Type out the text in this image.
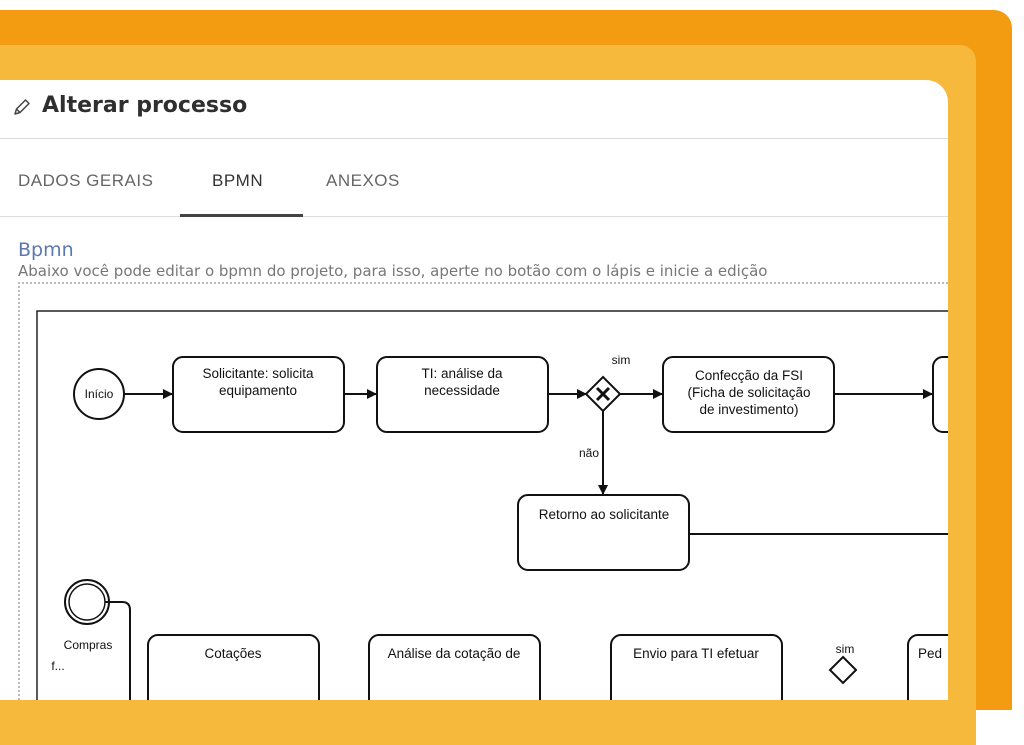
Alterar processo
DADOS GERAIS	BPMN	ANEXOS
Bpmn
Abaixo você pode editar o bpmn do projeto, para isso, aperte no botão com o lápis e inicie a edição
Início
Solicitante: solicita
equipamento
TI: análise da
necessidade
sim
não
Confecção da FSI
(Ficha de solicitação
de investimento)
Retorno ao solicitante
Compras
f...
Cotações	Análise da cotação de	Envio para TI efetuar	sim	Ped
